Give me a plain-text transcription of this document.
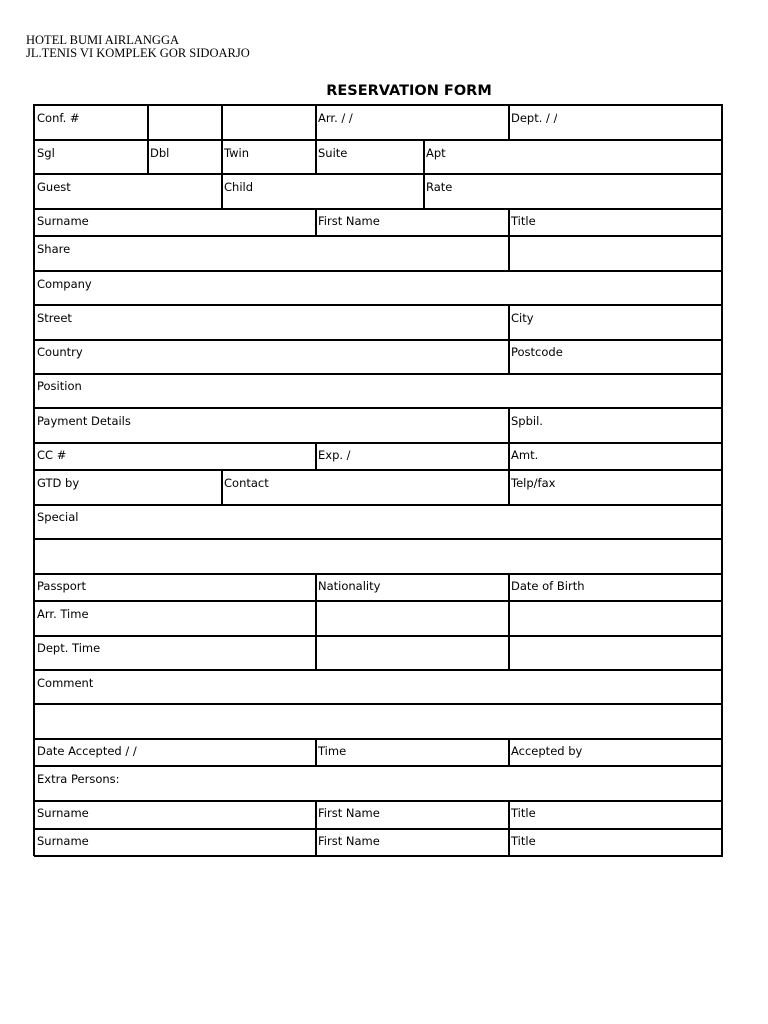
HOTEL BUMI AIRLANGGA
JL.TENIS VI KOMPLEK GOR SIDOARJO
RESERVATION FORM
Conf. #	Arr. / /	Dept. / /
Sgl	Dbl	Twin	Suite	Apt
Guest	Child	Rate
Surname	First Name	Title
Share
Company
Street	City
Country	Postcode
Position
Payment Details	Spbil.
CC #	Exp. /	Amt.
GTD by	Contact	Telp/fax
Special
Passport	Nationality	Date of Birth
Arr. Time
Dept. Time
Comment
Date Accepted / /	Time	Accepted by
Extra Persons:
Surname	First Name	Title
Surname	First Name	Title
